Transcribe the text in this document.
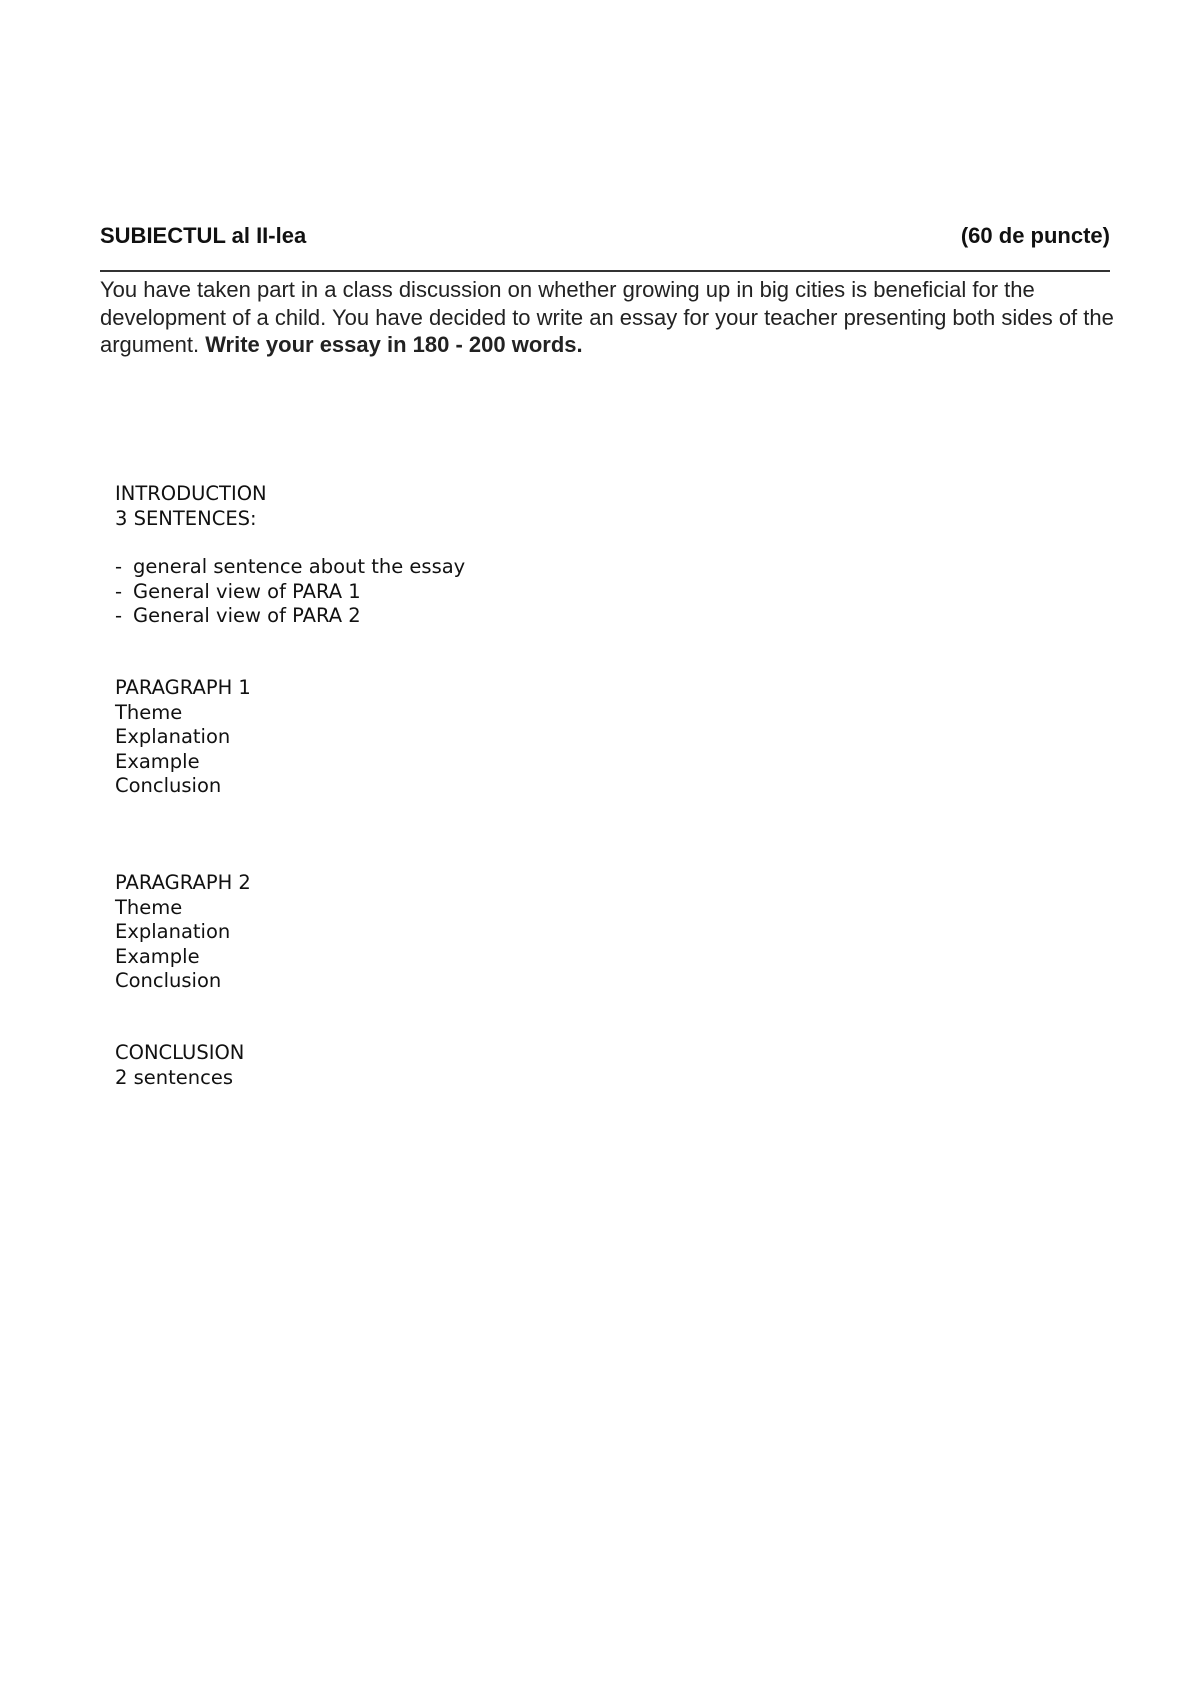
SUBIECTUL al II-lea	(60 de puncte)
You have taken part in a class discussion on whether growing up in big cities is beneficial for the development of a child. You have decided to write an essay for your teacher presenting both sides of the argument. Write your essay in 180 - 200 words.
INTRODUCTION
3 SENTENCES:
- general sentence about the essay
- General view of PARA 1
- General view of PARA 2
PARAGRAPH 1
Theme
Explanation
Example
Conclusion
PARAGRAPH 2
Theme
Explanation
Example
Conclusion
CONCLUSION
2 sentences
